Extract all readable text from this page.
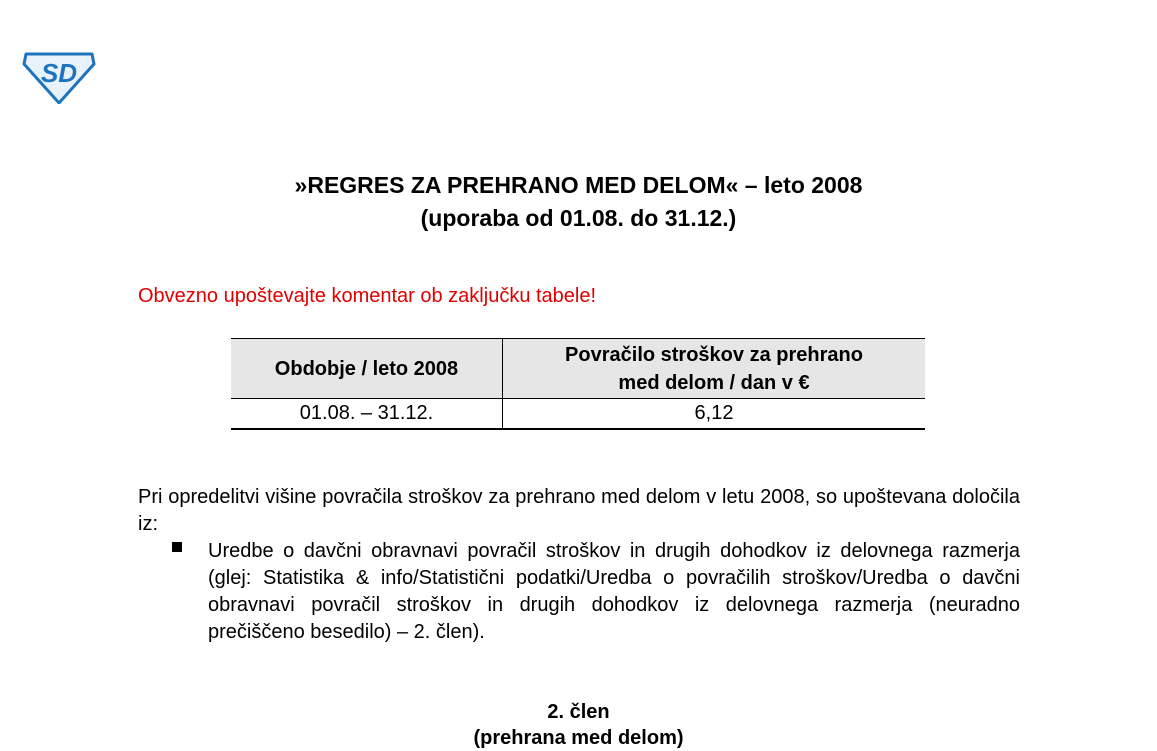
SD
»REGRES ZA PREHRANO MED DELOM« – leto 2008
(uporaba od 01.08. do 31.12.)
Obvezno upoštevajte komentar ob zaključku tabele!
Obdobje / leto 2008	Povračilo stroškov za prehrano
med delom / dan v €
01.08. – 31.12.	6,12
Pri opredelitvi višine povračila stroškov za prehrano med delom v letu 2008, so upoštevana določila iz:
Uredbe o davčni obravnavi povračil stroškov in drugih dohodkov iz delovnega razmerja (glej: Statistika & info/Statistični podatki/Uredba o povračilih stroškov/Uredba o davčni obravnavi povračil stroškov in drugih dohodkov iz delovnega razmerja (neuradno prečiščeno besedilo) – 2. člen).
2. člen
(prehrana med delom)
